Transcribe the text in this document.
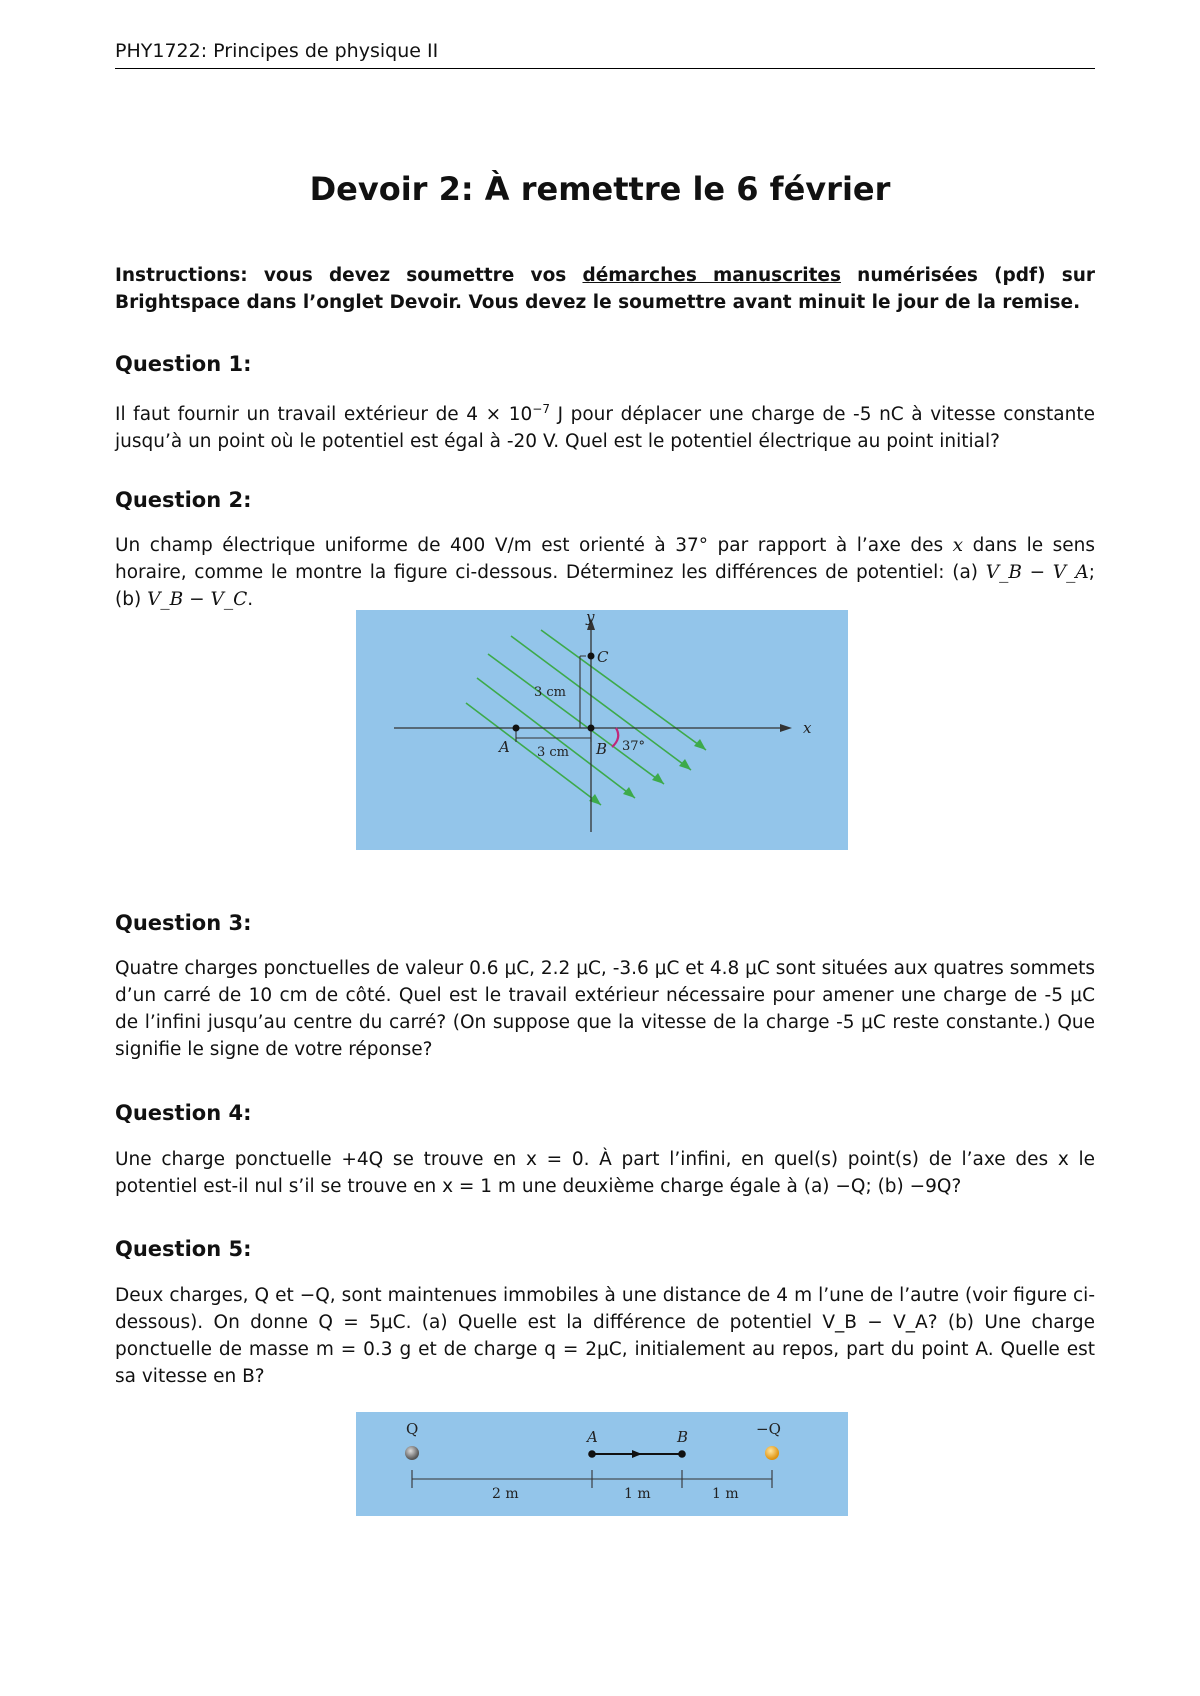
PHY1722: Principes de physique II
Devoir 2: À remettre le 6 février
Instructions: vous devez soumettre vos démarches manuscrites numérisées (pdf) sur Brightspace dans l’onglet Devoir. Vous devez le soumettre avant minuit le jour de la remise.
Question 1:
Il faut fournir un travail extérieur de $4 \times 10^{-7}$ J pour déplacer une charge de -5 nC à vitesse constante jusqu’à un point où le potentiel est égal à -20 V. Quel est le potentiel électrique au point initial?
Question 2:
Un champ électrique uniforme de 400 V/m est orienté à 37° par rapport à l’axe des x dans le sens horaire, comme le montre la figure ci-dessous. Déterminez les différences de potentiel: (a) V_B − V_A; (b) V_B − V_C.
x
y
A	B
C
3 cm
3 cm	37°
Question 3:
Quatre charges ponctuelles de valeur 0.6 μC, 2.2 μC, -3.6 μC et 4.8 μC sont situées aux quatres sommets d’un carré de 10 cm de côté. Quel est le travail extérieur nécessaire pour amener une charge de -5 μC de l’infini jusqu’au centre du carré? (On suppose que la vitesse de la charge -5 μC reste constante.) Que signifie le signe de votre réponse?
Question 4:
Une charge ponctuelle +4Q se trouve en x = 0. À part l’infini, en quel(s) point(s) de l’axe des x le potentiel est-il nul s’il se trouve en x = 1 m une deuxième charge égale à (a) −Q; (b) −9Q?
Question 5:
Deux charges, Q et −Q, sont maintenues immobiles à une distance de 4 m l’une de l’autre (voir figure ci-dessous). On donne Q = 5μC. (a) Quelle est la différence de potentiel V_B − V_A? (b) Une charge ponctuelle de masse m = 0.3 g et de charge q = 2μC, initialement au repos, part du point A. Quelle est sa vitesse en B?
Q	−Q
A	B
2 m	1 m	1 m
